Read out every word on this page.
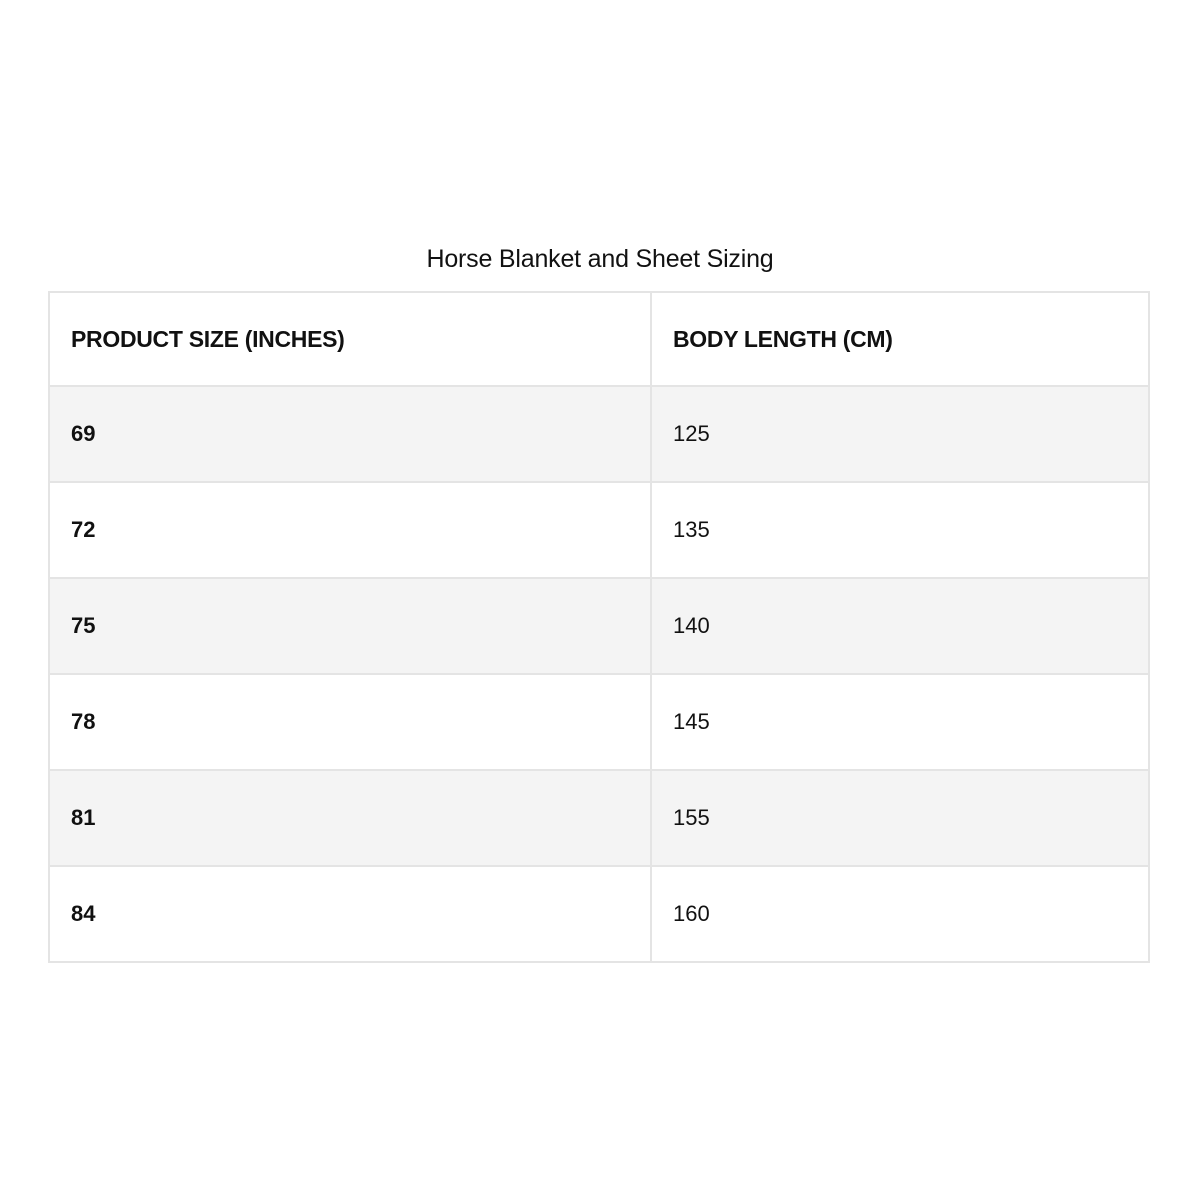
Horse Blanket and Sheet Sizing
PRODUCT SIZE (INCHES)	BODY LENGTH (CM)
69	125
72	135
75	140
78	145
81	155
84	160
